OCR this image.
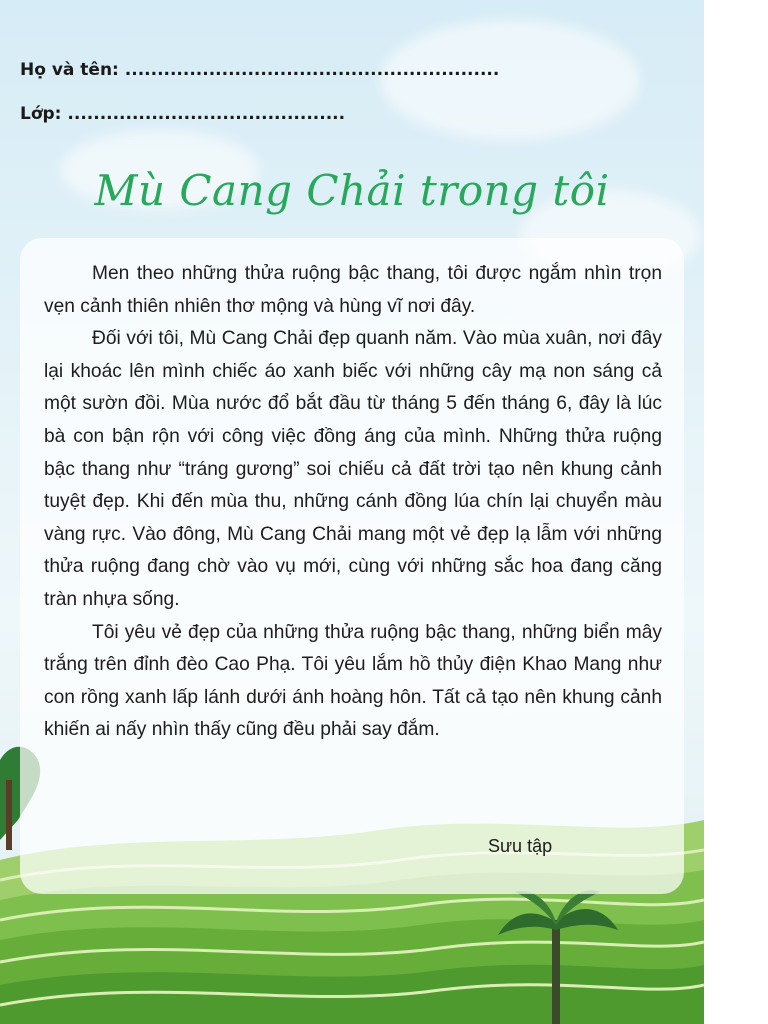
Họ và tên: ..........................................................
Lớp: ...........................................
Mù Cang Chải trong tôi

Men theo những thửa ruộng bậc thang, tôi được ngắm nhìn trọn vẹn cảnh thiên nhiên thơ mộng và hùng vĩ nơi đây.

Đối với tôi, Mù Cang Chải đẹp quanh năm. Vào mùa xuân, nơi đây lại khoác lên mình chiếc áo xanh biếc với những cây mạ non sáng cả một sườn đồi. Mùa nước đổ bắt đầu từ tháng 5 đến tháng 6, đây là lúc bà con bận rộn với công việc đồng áng của mình. Những thửa ruộng bậc thang như “tráng gương” soi chiếu cả đất trời tạo nên khung cảnh tuyệt đẹp. Khi đến mùa thu, những cánh đồng lúa chín lại chuyển màu vàng rực. Vào đông, Mù Cang Chải mang một vẻ đẹp lạ lẫm với những thửa ruộng đang chờ vào vụ mới, cùng với những sắc hoa đang căng tràn nhựa sống.

Tôi yêu vẻ đẹp của những thửa ruộng bậc thang, những biển mây trắng trên đỉnh đèo Cao Phạ. Tôi yêu lắm hồ thủy điện Khao Mang như con rồng xanh lấp lánh dưới ánh hoàng hôn. Tất cả tạo nên khung cảnh khiến ai nấy nhìn thấy cũng đều phải say đắm.

Sưu tập
